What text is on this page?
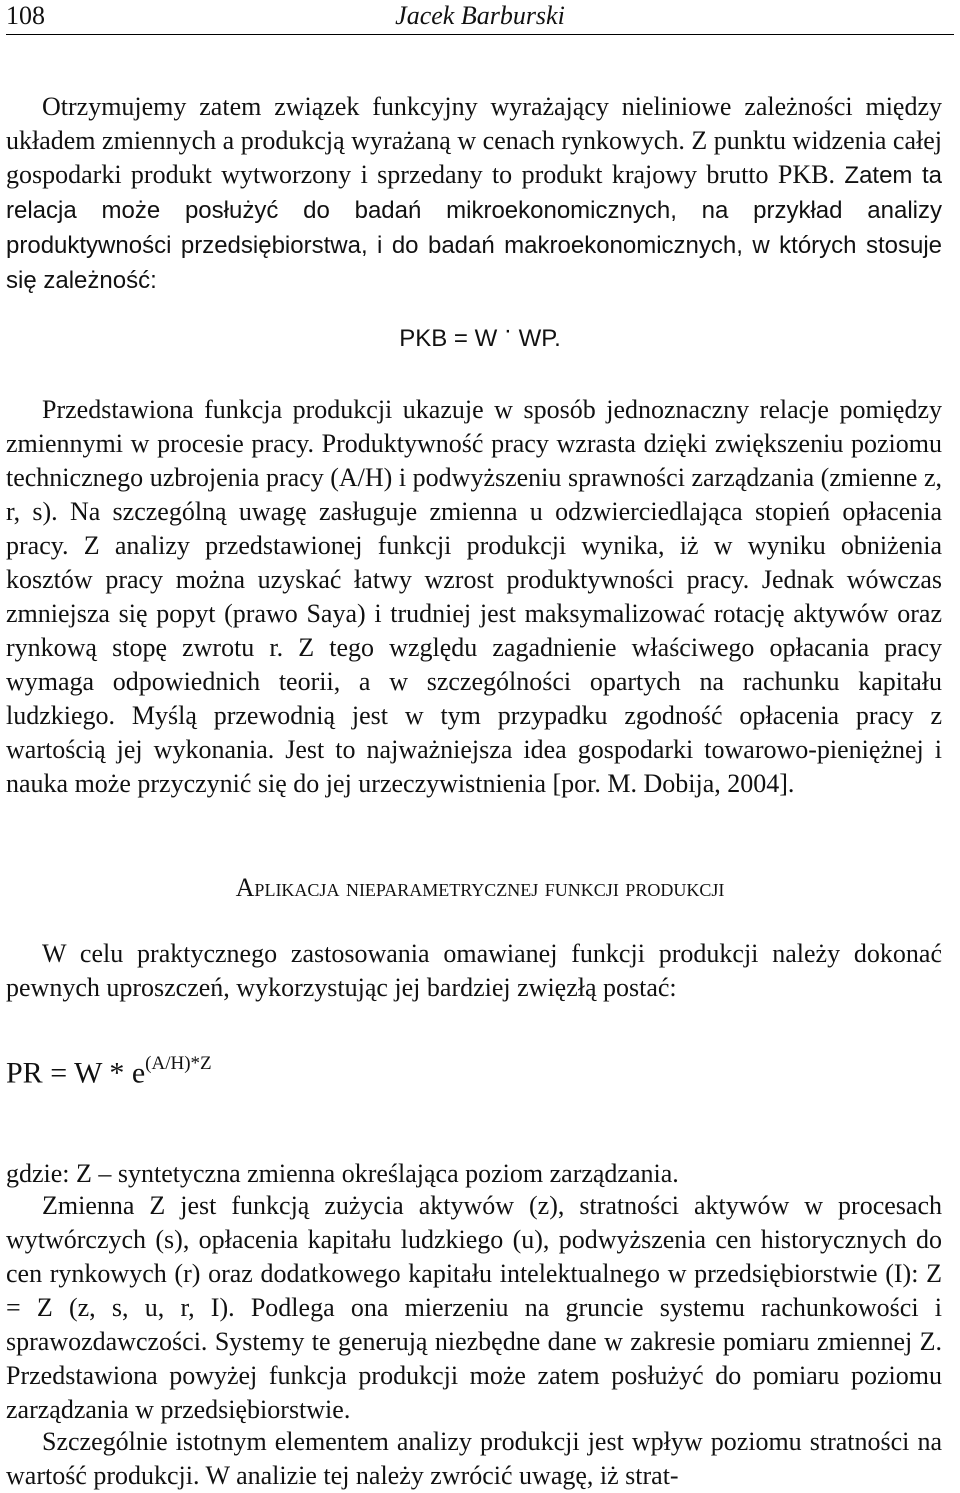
108	Jacek Barburski
Otrzymujemy zatem związek funkcyjny wyrażający nieliniowe zależności między układem zmiennych a produkcją wyrażaną w cenach rynkowych. Z punktu widzenia całej gospodarki produkt wytworzony i sprzedany to produkt krajowy brutto PKB. Zatem ta relacja może posłużyć do badań mikroekonomicznych, na przykład analizy produktywności przedsiębiorstwa, i do badań makroekonomicznych, w których stosuje się zależność:
PKB = W · WP.
Przedstawiona funkcja produkcji ukazuje w sposób jednoznaczny relacje pomiędzy zmiennymi w procesie pracy. Produktywność pracy wzrasta dzięki zwiększeniu poziomu technicznego uzbrojenia pracy (A/H) i podwyższeniu sprawności zarządzania (zmienne z, r, s). Na szczególną uwagę zasługuje zmienna u odzwierciedlająca stopień opłacenia pracy. Z analizy przedstawionej funkcji produkcji wynika, iż w wyniku obniżenia kosztów pracy można uzyskać łatwy wzrost produktywności pracy. Jednak wówczas zmniejsza się popyt (prawo Saya) i trudniej jest maksymalizować rotację aktywów oraz rynkową stopę zwrotu r. Z tego względu zagadnienie właściwego opłacania pracy wymaga odpowiednich teorii, a w szczególności opartych na rachunku kapitału ludzkiego. Myślą przewodnią jest w tym przypadku zgodność opłacenia pracy z wartością jej wykonania. Jest to najważniejsza idea gospodarki towarowo-pieniężnej i nauka może przyczynić się do jej urzeczywistnienia [por. M. Dobija, 2004].
Aplikacja nieparametrycznej funkcji produkcji
W celu praktycznego zastosowania omawianej funkcji produkcji należy dokonać pewnych uproszczeń, wykorzystując jej bardziej zwięzłą postać:
PR = W * $e^{(A/H)*Z}$
gdzie: Z – syntetyczna zmienna określająca poziom zarządzania.
Zmienna Z jest funkcją zużycia aktywów (z), stratności aktywów w procesach wytwórczych (s), opłacenia kapitału ludzkiego (u), podwyższenia cen historycznych do cen rynkowych (r) oraz dodatkowego kapitału intelektualnego w przedsiębiorstwie (I): Z = Z (z, s, u, r, I). Podlega ona mierzeniu na gruncie systemu rachunkowości i sprawozdawczości. Systemy te generują niezbędne dane w zakresie pomiaru zmiennej Z. Przedstawiona powyżej funkcja produkcji może zatem posłużyć do pomiaru poziomu zarządzania w przedsiębiorstwie.
Szczególnie istotnym elementem analizy produkcji jest wpływ poziomu stratności na wartość produkcji. W analizie tej należy zwrócić uwagę, iż strat-
